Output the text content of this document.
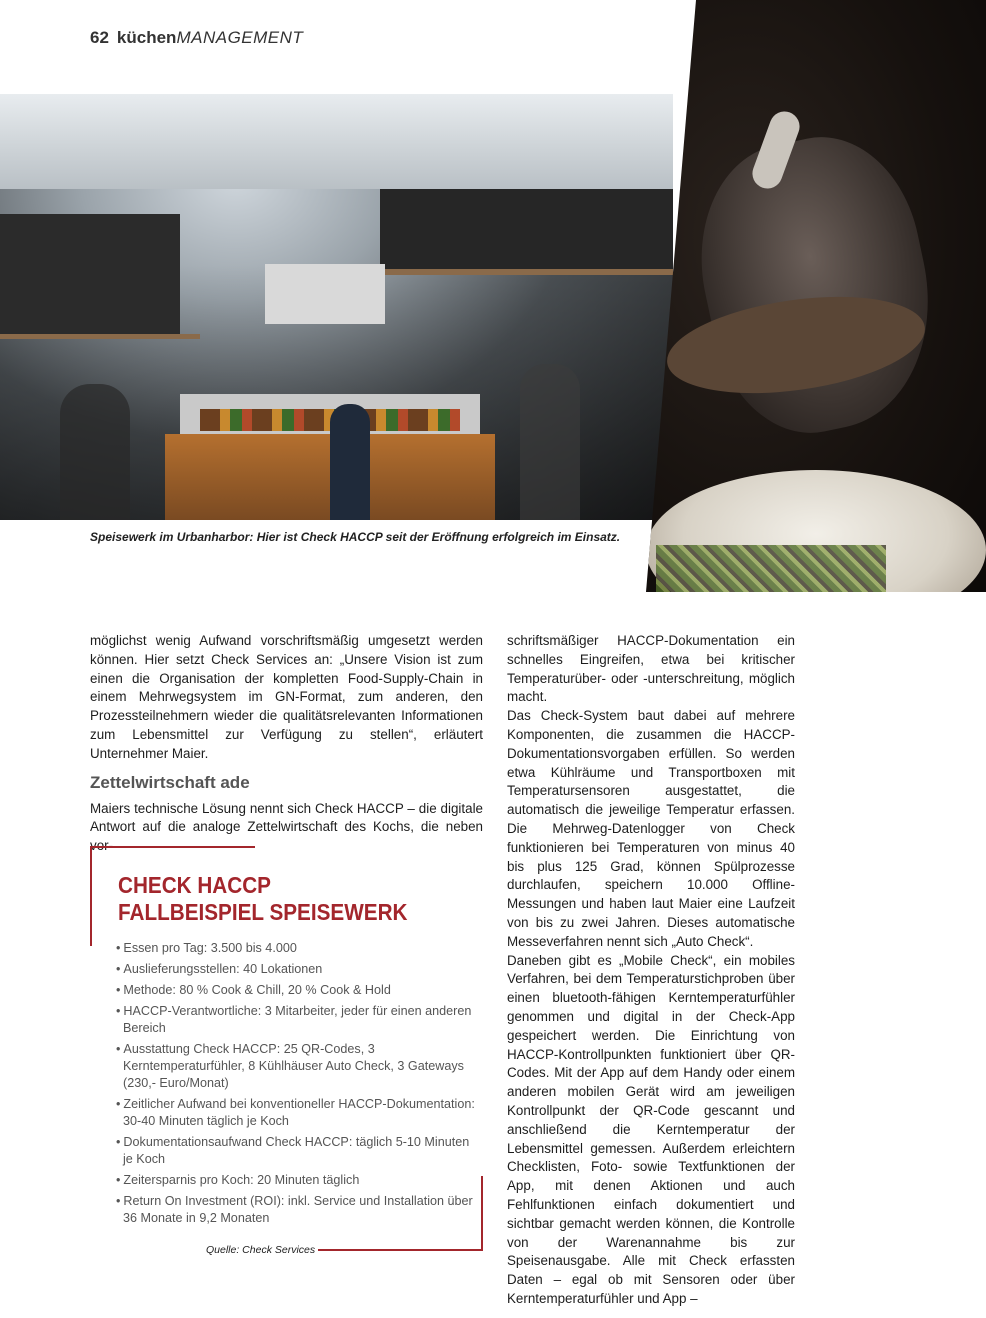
62 küchenMANAGEMENT
Speisewerk im Urbanharbor: Hier ist Check HACCP seit der Eröffnung erfolgreich im Einsatz.

möglichst wenig Aufwand vorschriftsmäßig umgesetzt werden können. Hier setzt Check Services an: „Unsere Vision ist zum einen die Organisation der kompletten Food-Supply-Chain in einem Mehrwegsystem im GN-Format, zum anderen, den Prozessteilnehmern wieder die qualitätsrelevanten Informationen zum Lebensmittel zur Verfügung zu stellen“, erläutert Unternehmer Maier.

Zettelwirtschaft ade

Maiers technische Lösung nennt sich Check HACCP – die digitale Antwort auf die analoge Zettelwirtschaft des Kochs, die neben

schriftsmäßiger HACCP-Dokumentation ein schnelles Eingreifen, etwa bei kritischer Temperaturüber- oder -unterschreitung, möglich macht.

Das Check-System baut dabei auf mehrere Komponenten, die zusammen die HACCP-Dokumentationsvorgaben erfüllen. So werden etwa Kühlräume und Transportboxen mit Temperatursensoren ausgestattet, die automatisch die jeweilige Temperatur erfassen. Die Mehrweg-Datenlogger von Check funktionieren bei Temperaturen von minus 40 bis plus 125 Grad, können Spülprozesse durchlaufen, speichern 10.000 Offline-Messungen und haben laut Maier eine Laufzeit von bis zu zwei Jahren. Dieses automatische Messeverfahren nennt sich „Auto Check“.

Daneben gibt es „Mobile Check“, ein mobiles Verfahren, bei dem Temperaturstichproben über einen bluetooth-fähigen Kerntemperaturfühler genommen und digital in der Check-App gespeichert werden. Die Einrichtung von HACCP-Kontrollpunkten funktioniert über QR-Codes. Mit der App auf dem Handy oder einem anderen mobilen Gerät wird am jeweiligen Kontrollpunkt der QR-Code gescannt und anschließend die Kerntemperatur der Lebensmittel gemessen. Außerdem erleichtern Checklisten, Foto- sowie Textfunktionen der App, mit denen Aktionen und auch Fehlfunktionen einfach dokumentiert und sichtbar gemacht werden können, die Kontrolle von der Warenannahme bis zur Speisenausgabe. Alle mit Check erfassten Daten – egal ob mit Sensoren oder über Kerntemperaturfühler und App –

CHECK HACCP
FALLBEISPIEL SPEISEWERK
• Essen pro Tag: 3.500 bis 4.000
• Auslieferungsstellen: 40 Lokationen
• Methode: 80 % Cook & Chill, 20 % Cook & Hold
• HACCP-Verantwortliche: 3 Mitarbeiter, jeder für einen anderen Bereich
• Ausstattung Check HACCP: 25 QR-Codes, 3 Kerntemperaturfühler, 8 Kühlhäuser Auto Check, 3 Gateways (230,- Euro/Monat)
• Zeitlicher Aufwand bei konventioneller HACCP-Dokumentation: 30-40 Minuten täglich je Koch
• Dokumentationsaufwand Check HACCP: täglich 5-10 Minuten je Koch
• Zeitersparnis pro Koch: 20 Minuten täglich
• Return On Investment (ROI): inkl. Service und Installation über 36 Monate in 9,2 Monaten
Quelle: Check Services
